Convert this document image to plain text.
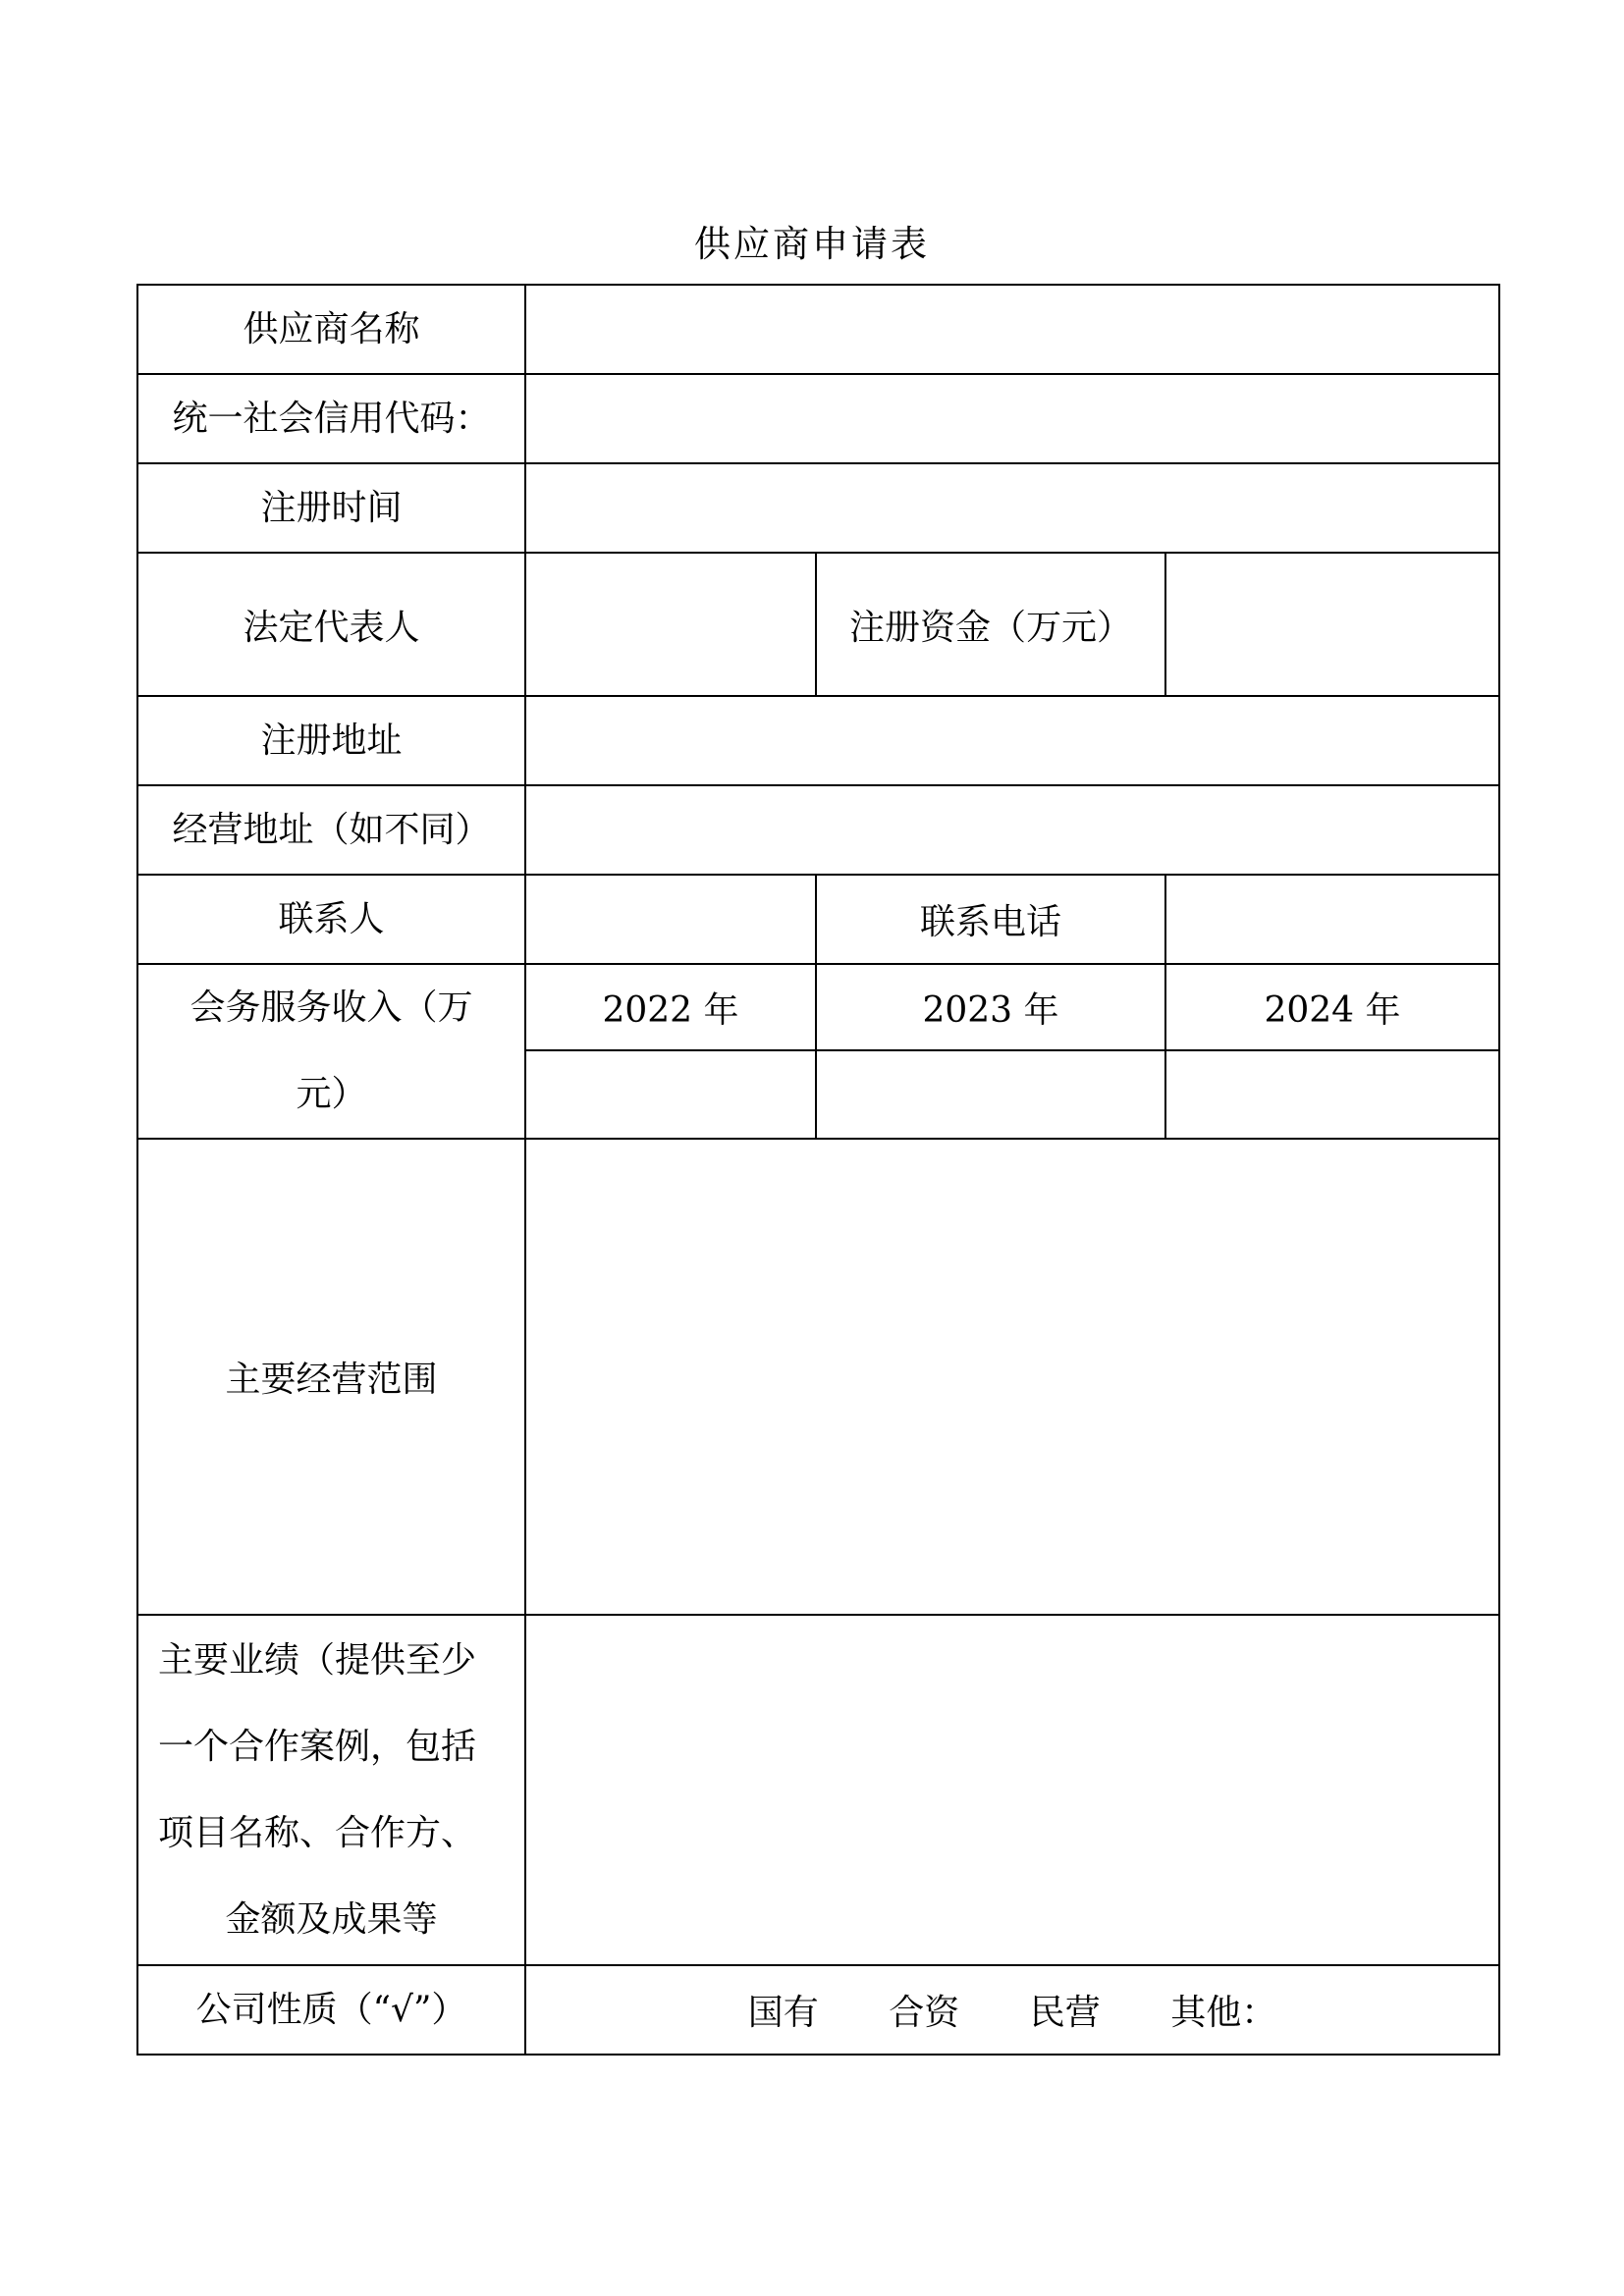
供应商申请表
供应商名称			
统一社会信用代码：			
注册时间			
法定代表人		注册资金（万元）	
注册地址			
经营地址（如不同）			
联系人		联系电话	

会务服务收入（万
元）	2022 年	2023 年	2024 年

主要经营范围			

主要业绩（提供至少
一个合作案例，包括
项目名称、合作方、
金额及成果等			

公司性质（“√”）	国有 合资 民营 其他：		
